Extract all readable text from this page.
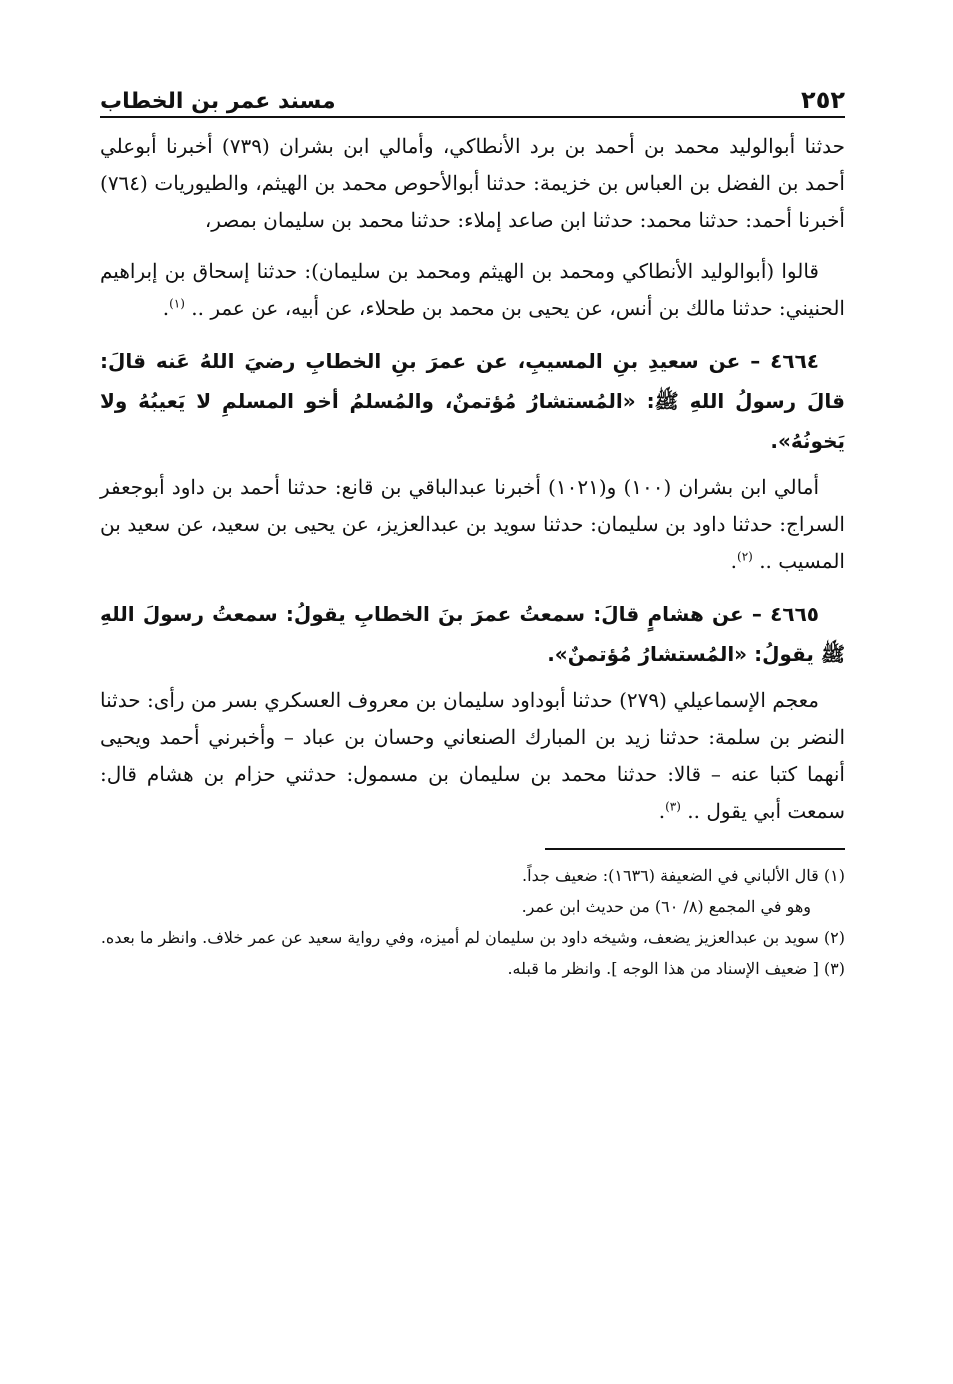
٢٥٢
مسند عمر بن الخطاب

حدثنا أبوالوليد محمد بن أحمد بن برد الأنطاكي، وأمالي ابن بشران (٧٣٩) أخبرنا أبوعلي أحمد بن الفضل بن العباس بن خزيمة: حدثنا أبوالأحوص محمد بن الهيثم، والطيوريات (٧٦٤) أخبرنا أحمد: حدثنا محمد: حدثنا ابن صاعد إملاء: حدثنا محمد بن سليمان بمصر،

قالوا (أبوالوليد الأنطاكي ومحمد بن الهيثم ومحمد بن سليمان): حدثنا إسحاق بن إبراهيم الحنيني: حدثنا مالك بن أنس، عن يحيى بن محمد بن طحلاء، عن أبيه، عن عمر .. $^{(١)}$.

٤٦٦٤ – عن سعيدِ بنِ المسيبِ، عن عمرَ بنِ الخطابِ رضيَ اللهُ عَنه قالَ: قالَ رسولُ اللهِ ﷺ: «المُستشارُ مُؤتمنٌ، والمُسلمُ أخو المسلمِ لا يَعيبُهُ ولا يَخونُهُ».

أمالي ابن بشران (١٠٠) و(١٠٢١) أخبرنا عبدالباقي بن قانع: حدثنا أحمد بن داود أبوجعفر السراج: حدثنا داود بن سليمان: حدثنا سويد بن عبدالعزيز، عن يحيى بن سعيد، عن سعيد بن المسيب .. $^{(٢)}$.

٤٦٦٥ – عن هشامٍ قالَ: سمعتُ عمرَ بنَ الخطابِ يقولُ: سمعتُ رسولَ اللهِ ﷺ يقولُ: «المُستشارُ مُؤتمنٌ».

معجم الإسماعيلي (٢٧٩) حدثنا أبوداود سليمان بن معروف العسكري بسر من رأى: حدثنا النضر بن سلمة: حدثنا زيد بن المبارك الصنعاني وحسان بن عباد – وأخبرني أحمد ويحيى أنهما كتبا عنه – قالا: حدثنا محمد بن سليمان بن مسمول: حدثني حزام بن هشام قال: سمعت أبي يقول .. $^{(٣)}$.

(١) قال الألباني في الضعيفة (١٦٣٦): ضعيف جداً.

وهو في المجمع (٨/ ٦٠) من حديث ابن عمر.

(٢) سويد بن عبدالعزيز يضعف، وشيخه داود بن سليمان لم أميزه، وفي رواية سعيد عن عمر خلاف. وانظر ما بعده.

(٣) [ ضعيف الإسناد من هذا الوجه ]. وانظر ما قبله.
